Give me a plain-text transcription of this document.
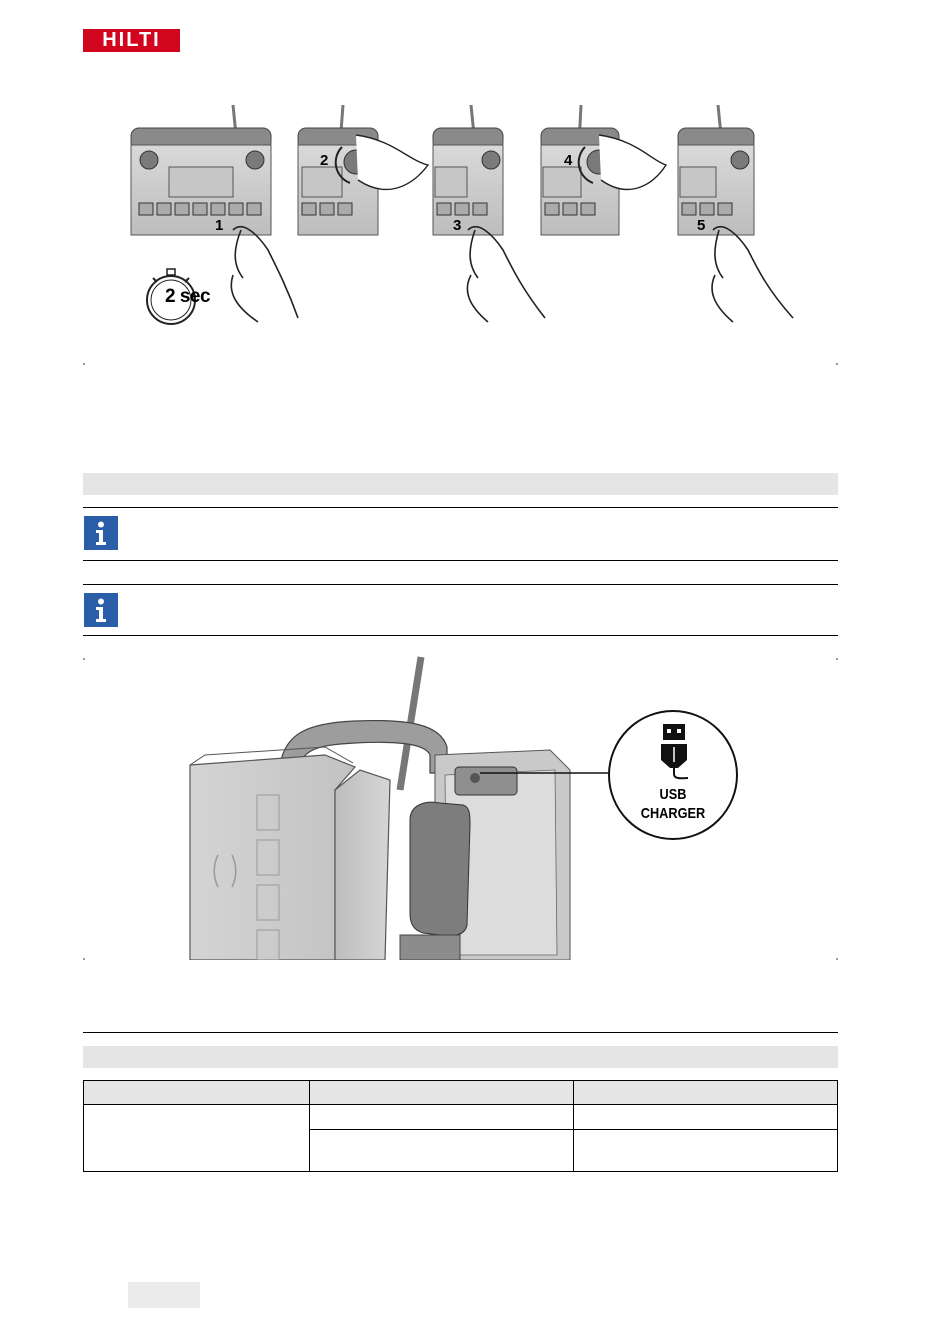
HILTI
1
2
3
4
5
2 sec
USB
CHARGER
